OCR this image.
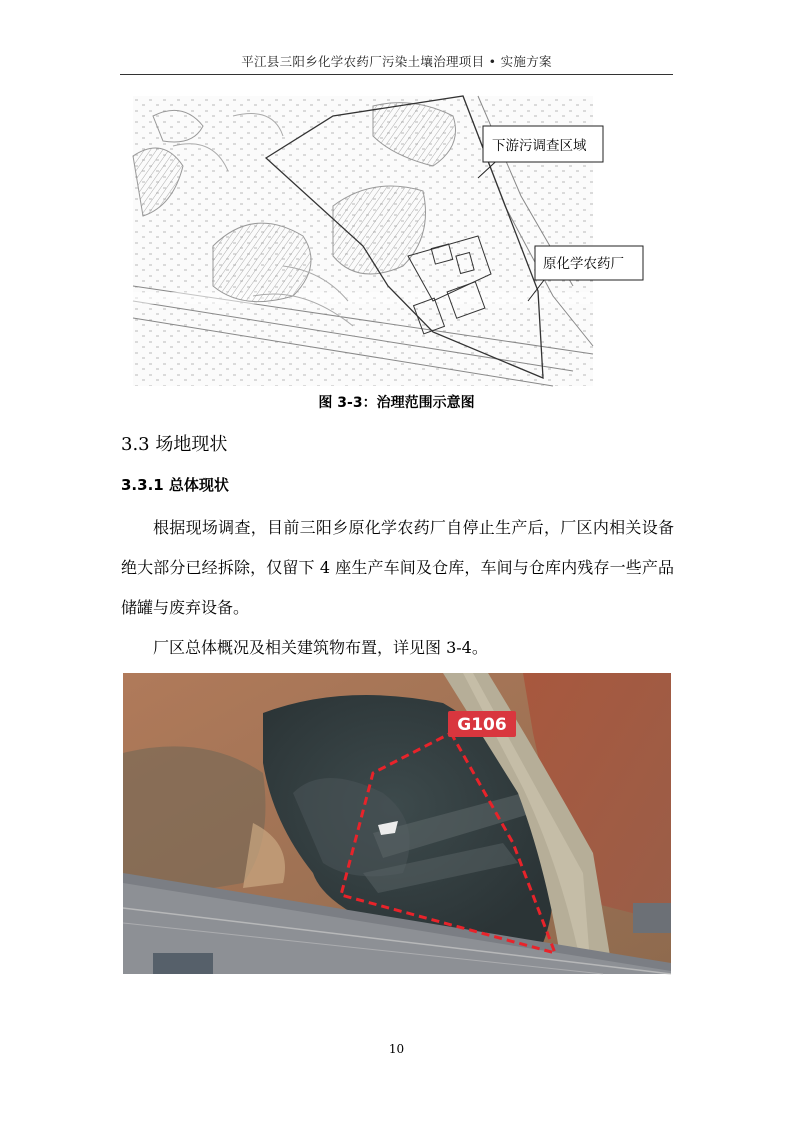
平江县三阳乡化学农药厂污染土壤治理项目 • 实施方案
下游污调查区域
原化学农药厂
图 3-3：治理范围示意图
3.3 场地现状
3.3.1 总体现状
根据现场调查，目前三阳乡原化学农药厂自停止生产后，厂区内相关设备绝大部分已经拆除，仅留下 4 座生产车间及仓库，车间与仓库内残存一些产品储罐与废弃设备。
厂区总体概况及相关建筑物布置，详见图 3-4。
G106
10
